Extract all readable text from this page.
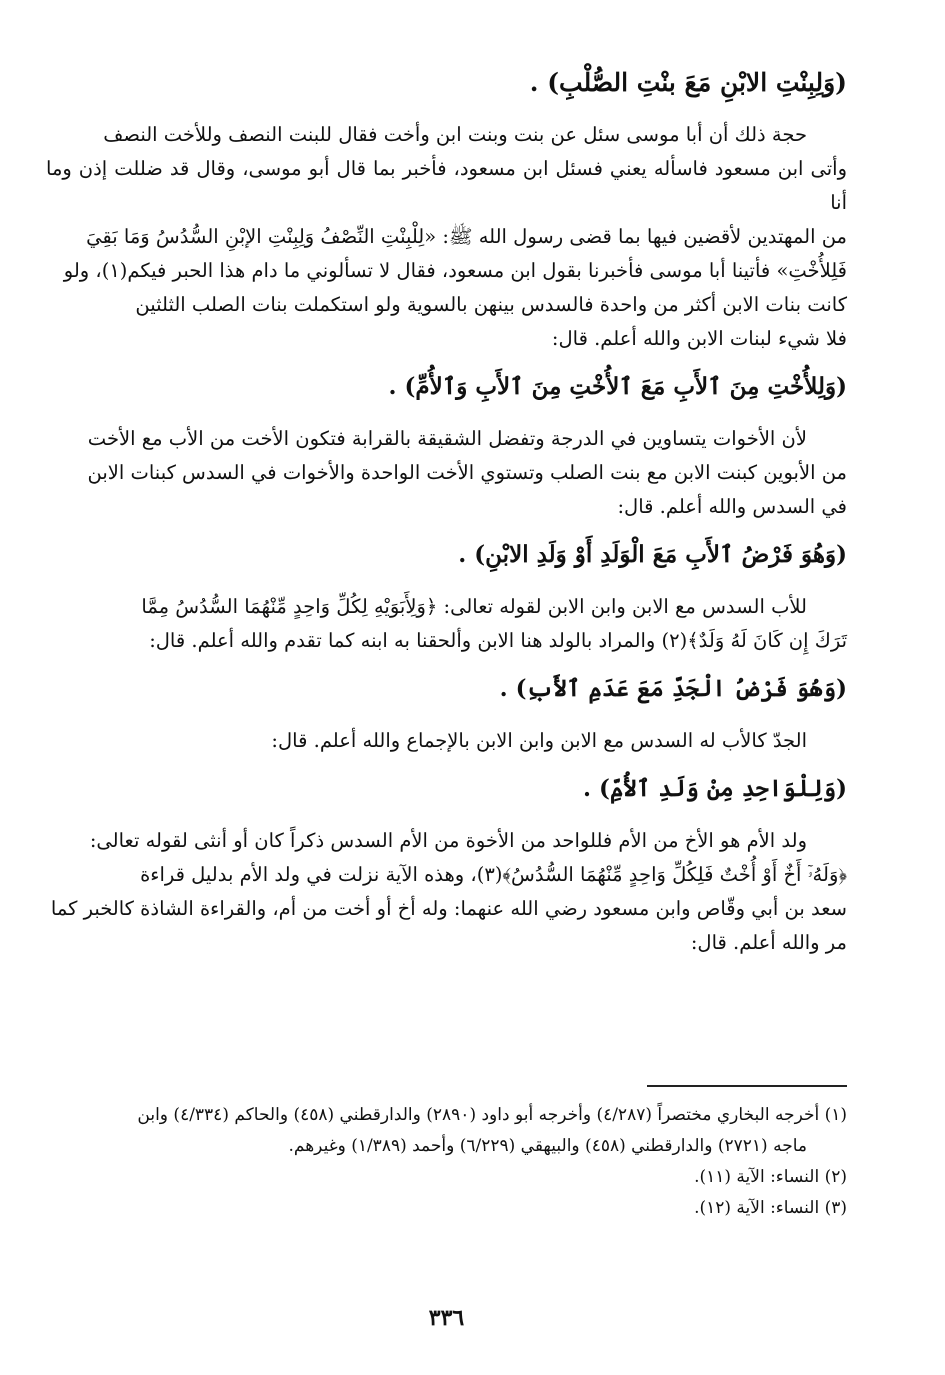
(وَلِبِنْتِ الابْنِ مَعَ بنْتِ الصُّلْبِ) .
حجة ذلك أن أبا موسى سئل عن بنت وبنت ابن وأخت فقال للبنت النصف وللأخت النصف
وأتى ابن مسعود فاسأله يعني فسئل ابن مسعود، فأخبر بما قال أبو موسى، وقال قد ضللت إذن وما أنا
من المهتدين لأقضين فيها بما قضى رسول الله ﷺ: «لِلْبِنْتِ النِّصْفُ وَلِبِنْتِ الإبْنِ السُّدُسُ وَمَا بَقِيَ
فَلِلأُخْتِ» فأتينا أبا موسى فأخبرنا بقول ابن مسعود، فقال لا تسألوني ما دام هذا الحبر فيكم(١)، ولو
كانت بنات الابن أكثر من واحدة فالسدس بينهن بالسوية ولو استكملت بنات الصلب الثلثين
فلا شيء لبنات الابن والله أعلم. قال:
(وَلِلأُخْتِ مِنَ ٱلأَبِ مَعَ ٱلأُخْتِ مِنَ ٱلأَبِ وَٱلأُمِّ) .
لأن الأخوات يتساوين في الدرجة وتفضل الشقيقة بالقرابة فتكون الأخت من الأب مع الأخت
من الأبوين كبنت الابن مع بنت الصلب وتستوي الأخت الواحدة والأخوات في السدس كبنات الابن
في السدس والله أعلم. قال:
(وَهُوَ فَرْضُ ٱلأَبِ مَعَ الْوَلَدِ أَوْ وَلَدِ الابْنِ) .
للأب السدس مع الابن وابن الابن لقوله تعالى: ﴿وَلِأَبَوَيْهِ لِكُلِّ وَاحِدٍ مِّنْهُمَا السُّدُسُ مِمَّا
تَرَكَ إِن كَانَ لَهُ وَلَدٌ﴾(٢) والمراد بالولد هنا الابن وألحقنا به ابنه كما تقدم والله أعلم. قال:
(وَهُوَ فَرْضُ الْجَدِّ مَعَ عَدَمِ ٱلأَبِ) .
الجدّ كالأب له السدس مع الابن وابن الابن بالإجماع والله أعلم. قال:
(وَلِلْوَاحِدِ مِنْ وَلَدِ ٱلأُمِّ) .
ولد الأم هو الأخ من الأم فللواحد من الأخوة من الأم السدس ذكراً كان أو أنثى لقوله تعالى:
﴿وَلَهُۥٓ أَخٌ أَوْ أُخْتٌ فَلِكُلِّ وَاحِدٍ مِّنْهُمَا السُّدُسُ﴾(٣)، وهذه الآية نزلت في ولد الأم بدليل قراءة
سعد بن أبي وقّاص وابن مسعود رضي الله عنهما: وله أخ أو أخت من أم، والقراءة الشاذة كالخبر كما
مر والله أعلم. قال:

(١) أخرجه البخاري مختصراً (٤/٢٨٧) وأخرجه أبو داود (٢٨٩٠) والدارقطني (٤٥٨) والحاكم (٤/٣٣٤) وابن

ماجه (٢٧٢١) والدارقطني (٤٥٨) والبيهقي (٦/٢٢٩) وأحمد (١/٣٨٩) وغيرهم.

(٢) النساء: الآية (١١).

(٣) النساء: الآية (١٢).

٣٣٦
